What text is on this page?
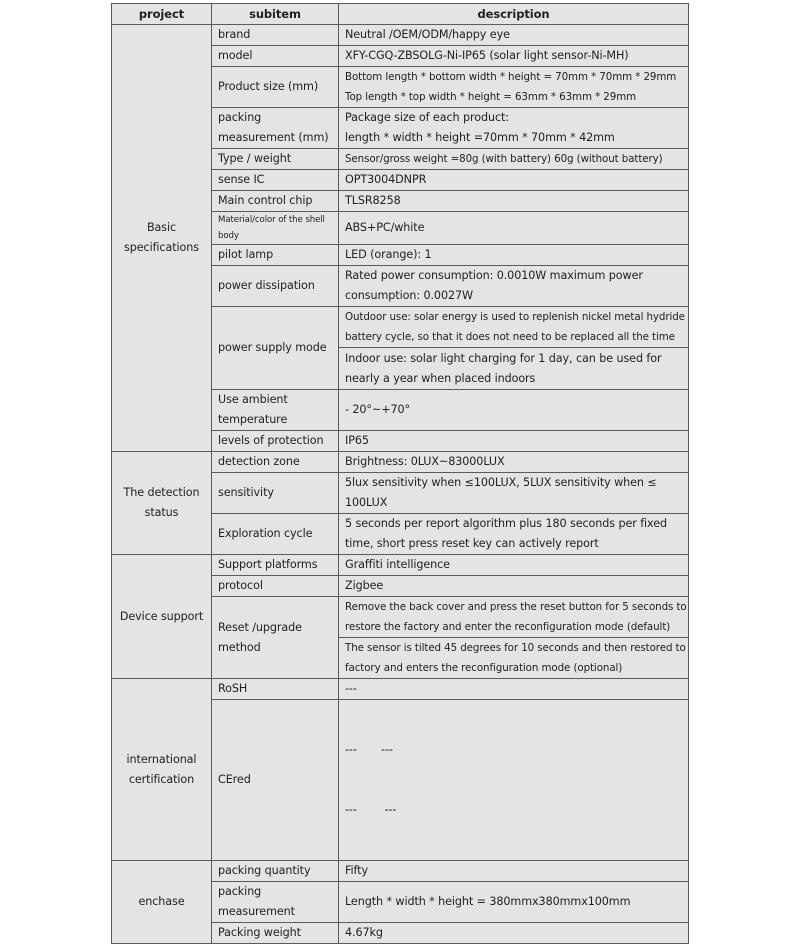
project	subitem	description
Basic specifications	brand	Neutral /OEM/ODM/happy eye
	model	XFY-CGQ-ZBSOLG-Ni-IP65 (solar light sensor-Ni-MH)
	Product size (mm)	Bottom length * bottom width * height = 70mm * 70mm * 29mm
Top length * top width * height = 63mm * 63mm * 29mm

	packing measurement (mm)	Package size of each product:
length * width * height =70mm * 70mm * 42mm

	Type / weight	Sensor/gross weight =80g (with battery) 60g (without battery)
	sense IC	OPT3004DNPR
	Main control chip	TLSR8258
	Material/color of the shell body	ABS+PC/white
	pilot lamp	LED (orange): 1
	power dissipation	Rated power consumption: 0.0010W maximum power consumption: 0.0027W
	power supply mode	Outdoor use: solar energy is used to replenish nickel metal hydride battery cycle, so that it does not need to be replaced all the time
		Indoor use: solar light charging for 1 day, can be used for nearly a year when placed indoors
	Use ambient temperature	- 20°~+70°
	levels of protection	IP65

The detection status	detection zone	Brightness: 0LUX~83000LUX
	sensitivity	5lux sensitivity when ≤100LUX, 5LUX sensitivity when ≤ 100LUX
	Exploration cycle	5 seconds per report algorithm plus 180 seconds per fixed time, short press reset key can actively report
Device support	Support platforms	Graffiti intelligence
	protocol	Zigbee
	Reset /upgrade method	Remove the back cover and press the reset button for 5 seconds to restore the factory and enter the reconfiguration mode (default)
		The sensor is tilted 45 degrees for 10 seconds and then restored to factory and enters the reconfiguration mode (optional)
international certification	RoSH	---
	CEred	---       ---

---        ---

enchase	packing quantity	Fifty
	packing measurement	Length * width * height = 380mmx380mmx100mm
	Packing weight	4.67kg
